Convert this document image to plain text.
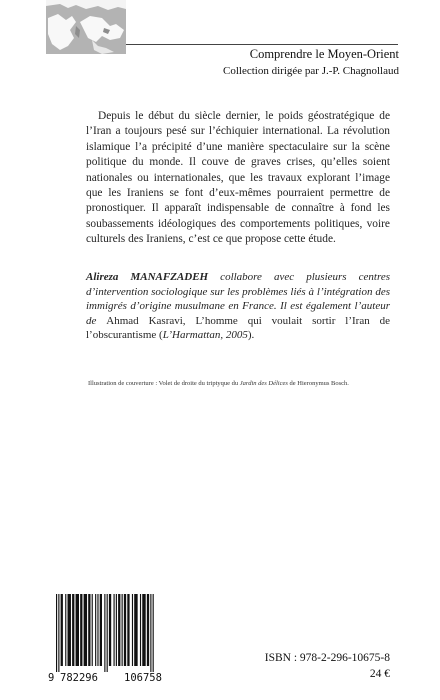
Comprendre le Moyen-Orient
Collection dirigée par J.-P. Chagnollaud

Depuis le début du siècle dernier, le poids géostratégique de l’Iran a toujours pesé sur l’échiquier international. La révolution islamique l’a précipité d’une manière spectaculaire sur la scène politique du monde. Il couve de graves crises, qu’elles soient nationales ou internationales, que les travaux explorant l’image que les Iraniens se font d’eux-mêmes pourraient permettre de pronostiquer. Il apparaît indispensable de connaître à fond les soubassements idéologiques des comportements politiques, voire culturels des Iraniens, c’est ce que propose cette étude.

Alireza MANAFZADEH collabore avec plusieurs centres d’intervention sociologique sur les problèmes liés à l’intégration des immigrés d’origine musulmane en France. Il est également l’auteur de Ahmad Kasravi, L’homme qui voulait sortir l’Iran de l’obscurantisme (L’Harmattan, 2005).

Illustration de couverture : Volet de droite du triptyque du Jardin des Délices de Hieronymus Bosch.
9 782296 106758
ISBN : 978-2-296-10675-8
24 €
